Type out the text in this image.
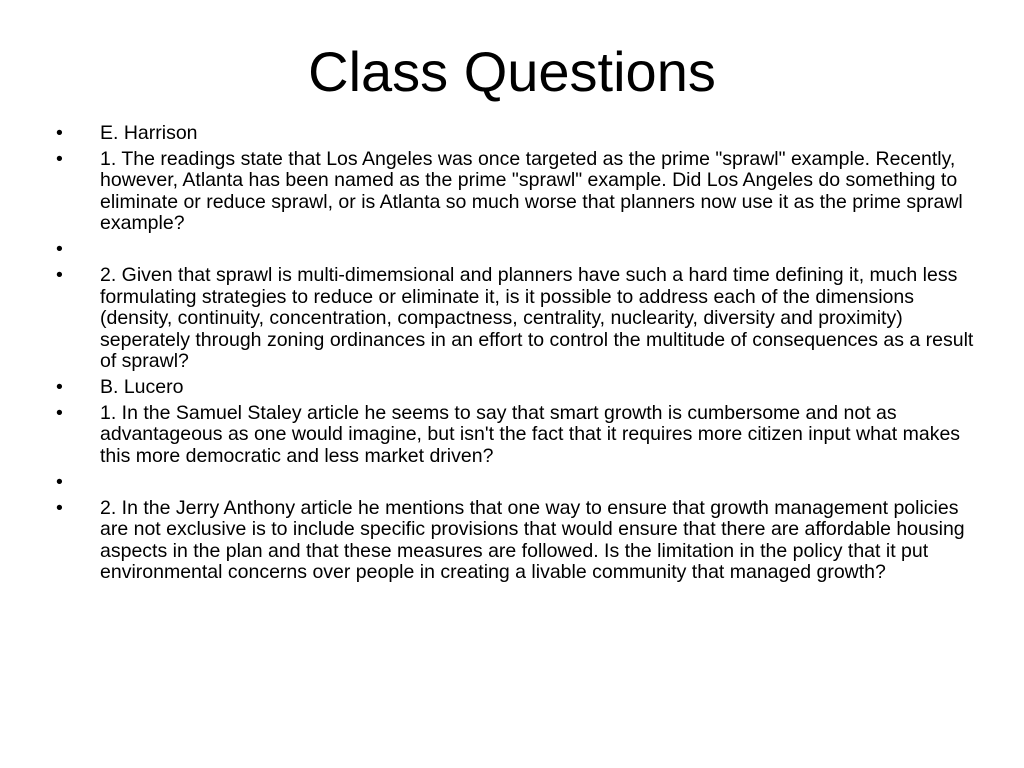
Class Questions
•	E. Harrison
•	1. The readings state that Los Angeles was once targeted as the prime "sprawl" example. Recently, however, Atlanta has been named as the prime "sprawl" example. Did Los Angeles do something to eliminate or reduce sprawl, or is Atlanta so much worse that planners now use it as the prime sprawl example?
•
•	2. Given that sprawl is multi-dimemsional and planners have such a hard time defining it, much less formulating strategies to reduce or eliminate it, is it possible to address each of the dimensions (density, continuity, concentration, compactness, centrality, nuclearity, diversity and proximity) seperately through zoning ordinances in an effort to control the multitude of consequences as a result of sprawl?
•	B. Lucero
•	1. In the Samuel Staley article he seems to say that smart growth is cumbersome and not as advantageous as one would imagine, but isn't the fact that it requires more citizen input what makes this more democratic and less market driven?
•
•	2. In the Jerry Anthony article he mentions that one way to ensure that growth management policies are not exclusive is to include specific provisions that would ensure that there are affordable housing aspects in the plan and that these measures are followed. Is the limitation in the policy that it put environmental concerns over people in creating a livable community that managed growth?
